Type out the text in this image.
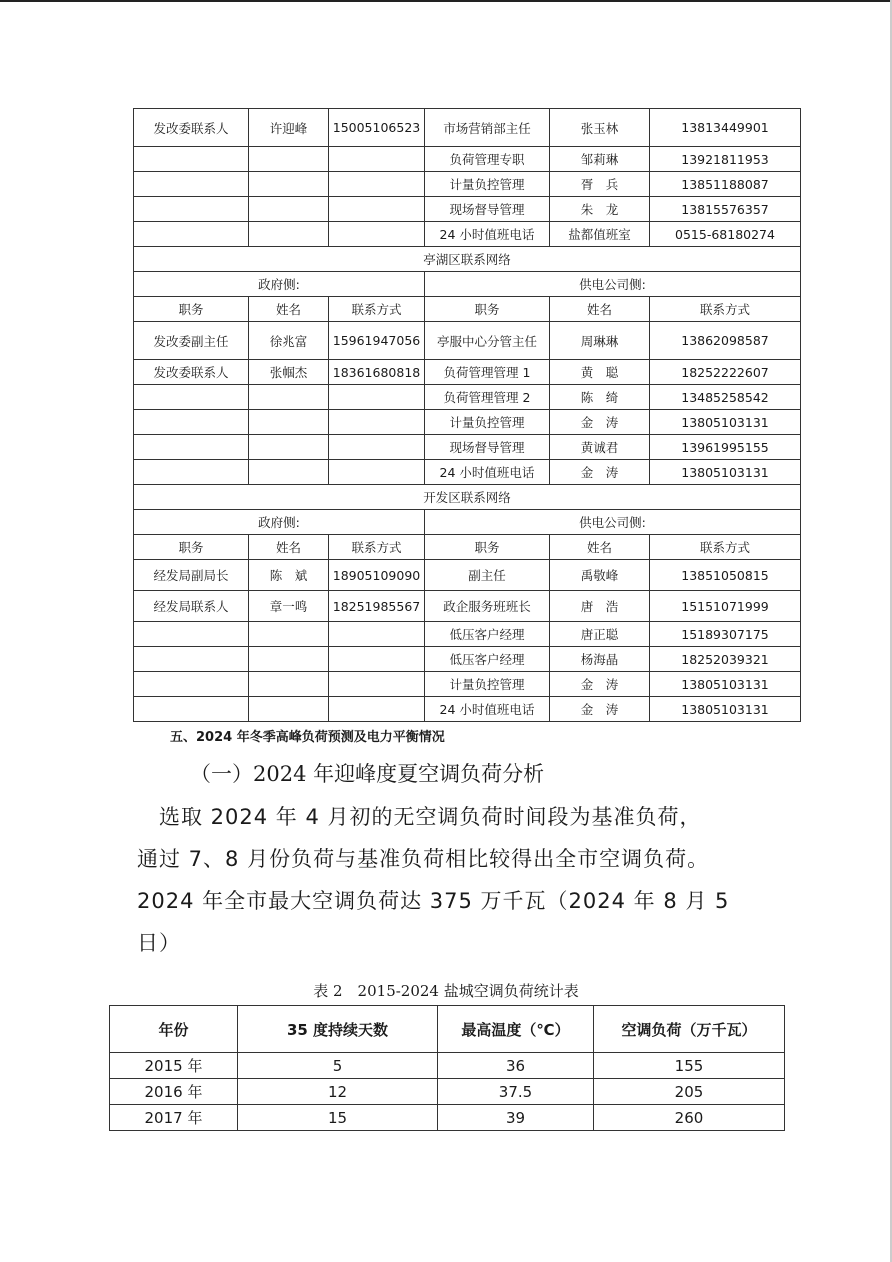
发改委联系人	许迎峰	15005106523	市场营销部主任	张玉林	13813449901
			负荷管理专职	邹莉琳	13921811953
			计量负控管理	胥　兵	13851188087
			现场督导管理	朱　龙	13815576357
			24 小时值班电话	盐都值班室	0515-68180274
亭湖区联系网络					
政府侧:			供电公司侧:		
职务	姓名	联系方式	职务	姓名	联系方式
发改委副主任	徐兆富	15961947056	亭服中心分管主任	周琳琳	13862098587
发改委联系人	张帼杰	18361680818	负荷管理管理 1	黄　聪	18252222607
			负荷管理管理 2	陈　绮	13485258542
			计量负控管理	金　涛	13805103131
			现场督导管理	黄诚君	13961995155
			24 小时值班电话	金　涛	13805103131
开发区联系网络					
政府侧:			供电公司侧:		
职务	姓名	联系方式	职务	姓名	联系方式
经发局副局长	陈　斌	18905109090	副主任	禹敬峰	13851050815
经发局联系人	章一鸣	18251985567	政企服务班班长	唐　浩	15151071999
			低压客户经理	唐正聪	15189307175
			低压客户经理	杨海晶	18252039321
			计量负控管理	金　涛	13805103131
			24 小时值班电话	金　涛	13805103131
五、2024 年冬季高峰负荷预测及电力平衡情况
（一）2024 年迎峰度夏空调负荷分析
　选取 2024 年 4 月初的无空调负荷时间段为基准负荷，
通过 7、8 月份负荷与基准负荷相比较得出全市空调负荷。
2024 年全市最大空调负荷达 375 万千瓦（2024 年 8 月 5
日）
表 2　2015-2024 盐城空调负荷统计表
年份	35 度持续天数	最高温度（℃）	空调负荷（万千瓦）
2015 年	5	36	155
2016 年	12	37.5	205
2017 年	15	39	260
